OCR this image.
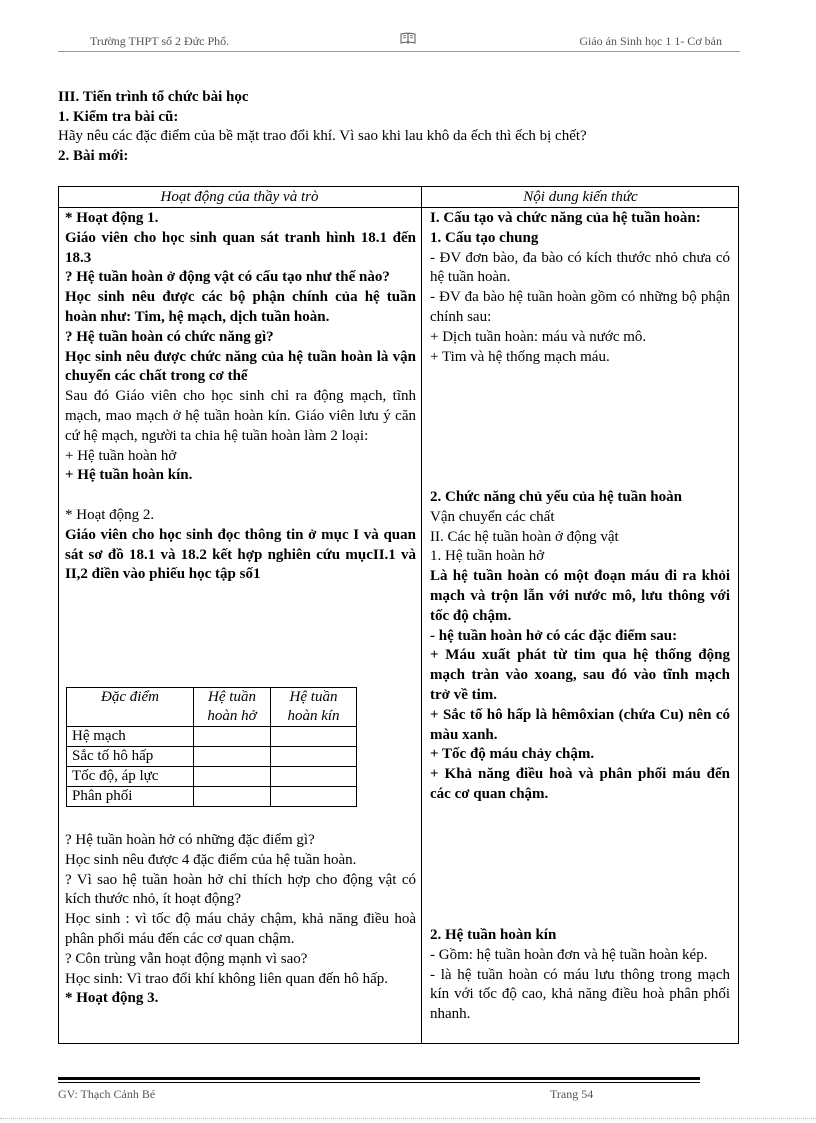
Trường THPT số 2 Đức Phổ.	Giáo án Sinh học 1 1- Cơ bản
III. Tiến trình tổ chức bài học
1. Kiểm tra bài cũ:
Hãy nêu các đặc điểm của bề mặt trao đổi khí. Vì sao khi lau khô da ếch thì ếch bị chết?
2. Bài mới:
Hoạt động của thầy và trò	Nội dung kiến thức

* Hoạt động 1.

Giáo viên cho học sinh quan sát tranh hình 18.1 đến 18.3

? Hệ tuần hoàn ở động vật có cấu tạo như thế nào?

Học sinh nêu được các bộ phận chính của hệ tuần hoàn như: Tim, hệ mạch, dịch tuần hoàn.

? Hệ tuần hoàn có chức năng gì?

Học sinh nêu được chức năng của hệ tuần hoàn là vận chuyển các chất trong cơ thể

Sau đó Giáo viên cho học sinh chỉ ra động mạch, tĩnh mạch, mao mạch ở hệ tuần hoàn kín. Giáo viên lưu ý căn cứ hệ mạch, người ta chia hệ tuần hoàn làm 2 loại:

+ Hệ tuần hoàn hở

+ Hệ tuần hoàn kín.

* Hoạt động 2.

Giáo viên cho học sinh đọc thông tin ở mục I và quan sát sơ đồ 18.1 và 18.2 kết hợp nghiên cứu mụcII.1 và II,2 điền vào phiếu học tập số1

Đặc điểm	Hệ tuần hoàn hở	Hệ tuần hoàn kín
Hệ mạch		
Sắc tố hô hấp		
Tốc độ, áp lực		
Phân phối		

? Hệ tuần hoàn hở có những đặc điểm gì?

Học sinh nêu được 4 đặc điểm của hệ tuần hoàn.

? Vì sao hệ tuần hoàn hở chỉ thích hợp cho động vật có kích thước nhỏ, ít hoạt động?

Học sinh : vì tốc độ máu chảy chậm, khả năng điều hoà phân phối máu đến các cơ quan chậm.

? Côn trùng vẫn hoạt động mạnh vì sao?

Học sinh: Vì trao đổi khí không liên quan đến hô hấp.

* Hoạt động 3.

I. Cấu tạo và chức năng của hệ tuần hoàn:

1. Cấu tạo chung

- ĐV đơn bào, đa bào có kích thước nhỏ chưa có hệ tuần hoàn.

- ĐV đa bào hệ tuần hoàn gồm có những bộ phận chính sau:

+ Dịch tuần hoàn: máu và nước mô.

+ Tim và hệ thống mạch máu.

2. Chức năng chủ yếu của hệ tuần hoàn

Vận chuyển các chất

II. Các hệ tuần hoàn ở động vật

1. Hệ tuần hoàn hở

Là hệ tuần hoàn có một đoạn máu đi ra khỏi mạch và trộn lẫn với nước mô, lưu thông với tốc độ chậm.

- hệ tuần hoàn hở có các đặc điểm sau:

+ Máu xuất phát từ tim qua hệ thống động mạch tràn vào xoang, sau đó vào tĩnh mạch trở về tim.

+ Sắc tố hô hấp là hêmôxian (chứa Cu) nên có màu xanh.

+ Tốc độ máu chảy chậm.

+ Khả năng điều hoà và phân phối máu đến các cơ quan chậm.

2. Hệ tuần hoàn kín

- Gồm: hệ tuần hoàn đơn và hệ tuần hoàn kép.

- là hệ tuần hoàn có máu lưu thông trong mạch kín với tốc độ cao, khả năng điều hoà phân phối nhanh.

GV: Thạch Cảnh Bé	Trang 54
